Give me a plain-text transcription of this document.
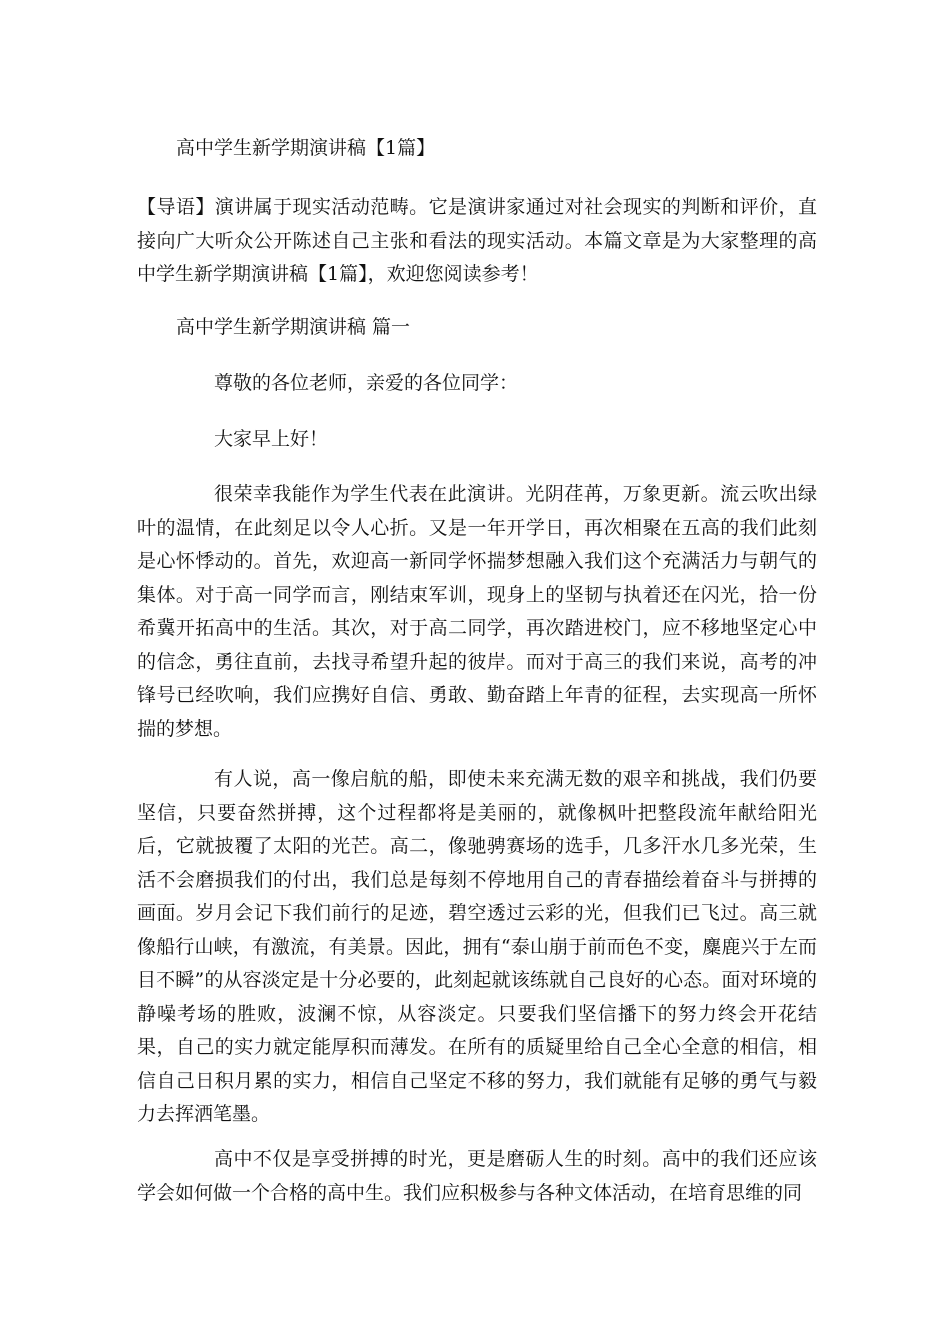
高中学生新学期演讲稿【1篇】
【导语】演讲属于现实活动范畴。它是演讲家通过对社会现实的判断和评价，直接向广大听众公开陈述自己主张和看法的现实活动。本篇文章是为大家整理的高中学生新学期演讲稿【1篇】，欢迎您阅读参考！
高中学生新学期演讲稿 篇一
尊敬的各位老师，亲爱的各位同学：
大家早上好！
很荣幸我能作为学生代表在此演讲。光阴荏苒，万象更新。流云吹出绿叶的温情，在此刻足以令人心折。又是一年开学日，再次相聚在五高的我们此刻是心怀悸动的。首先，欢迎高一新同学怀揣梦想融入我们这个充满活力与朝气的集体。对于高一同学而言，刚结束军训，现身上的坚韧与执着还在闪光，拾一份希冀开拓高中的生活。其次，对于高二同学，再次踏进校门，应不移地坚定心中的信念，勇往直前，去找寻希望升起的彼岸。而对于高三的我们来说，高考的冲锋号已经吹响，我们应携好自信、勇敢、勤奋踏上年青的征程，去实现高一所怀揣的梦想。
有人说，高一像启航的船，即使未来充满无数的艰辛和挑战，我们仍要坚信，只要奋然拼搏，这个过程都将是美丽的，就像枫叶把整段流年献给阳光后，它就披覆了太阳的光芒。高二，像驰骋赛场的选手，几多汗水几多光荣，生活不会磨损我们的付出，我们总是每刻不停地用自己的青春描绘着奋斗与拼搏的画面。岁月会记下我们前行的足迹，碧空透过云彩的光，但我们已飞过。高三就像船行山峡，有激流，有美景。因此，拥有“泰山崩于前而色不变，麋鹿兴于左而目不瞬”的从容淡定是十分必要的，此刻起就该练就自己良好的心态。面对环境的静噪考场的胜败，波澜不惊，从容淡定。只要我们坚信播下的努力终会开花结果，自己的实力就定能厚积而薄发。在所有的质疑里给自己全心全意的相信，相信自己日积月累的实力，相信自己坚定不移的努力，我们就能有足够的勇气与毅力去挥洒笔墨。
高中不仅是享受拼搏的时光，更是磨砺人生的时刻。高中的我们还应该学会如何做一个合格的高中生。我们应积极参与各种文体活动，在培育思维的同
